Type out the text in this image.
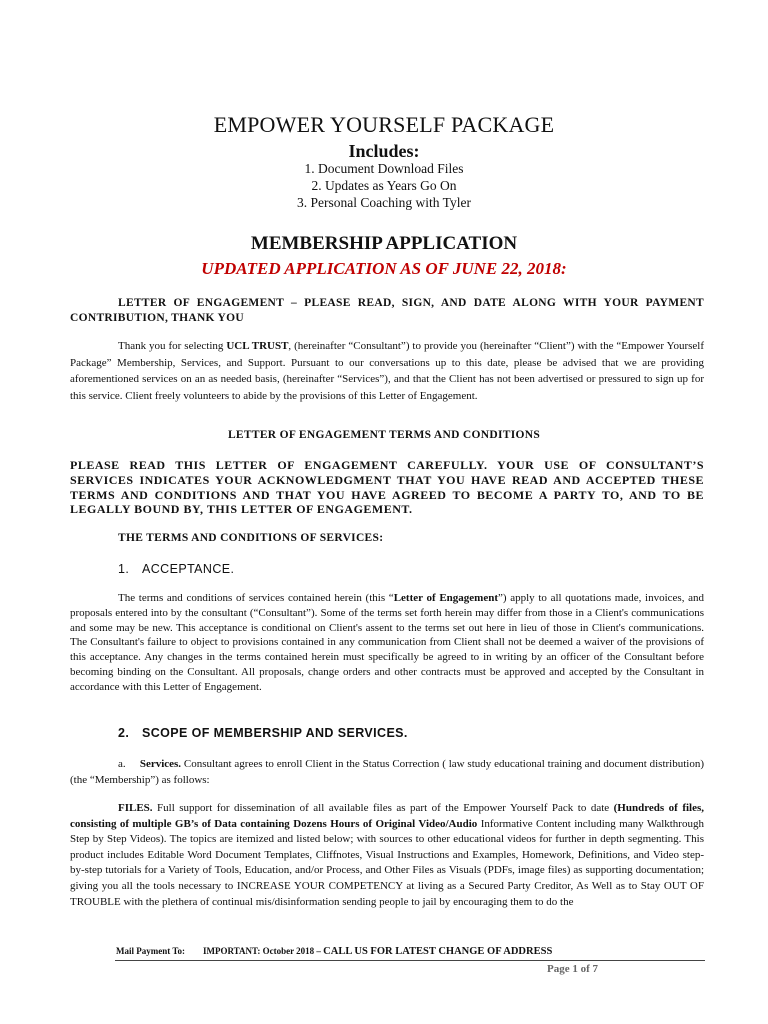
EMPOWER YOURSELF PACKAGE
Includes:
1. Document Download Files
2. Updates as Years Go On
3. Personal Coaching with Tyler
MEMBERSHIP APPLICATION
UPDATED APPLICATION AS OF JUNE 22, 2018:
LETTER OF ENGAGEMENT – PLEASE READ, SIGN, AND DATE ALONG WITH YOUR PAYMENT CONTRIBUTION, THANK YOU
Thank you for selecting UCL TRUST, (hereinafter “Consultant”) to provide you (hereinafter “Client”) with the “Empower Yourself Package” Membership, Services, and Support. Pursuant to our conversations up to this date, please be advised that we are providing aforementioned services on an as needed basis, (hereinafter “Services”), and that the Client has not been advertised or pressured to sign up for this service. Client freely volunteers to abide by the provisions of this Letter of Engagement.
LETTER OF ENGAGEMENT TERMS AND CONDITIONS
PLEASE READ THIS LETTER OF ENGAGEMENT CAREFULLY. YOUR USE OF CONSULTANT’S SERVICES INDICATES YOUR ACKNOWLEDGMENT THAT YOU HAVE READ AND ACCEPTED THESE TERMS AND CONDITIONS AND THAT YOU HAVE AGREED TO BECOME A PARTY TO, AND TO BE LEGALLY BOUND BY, THIS LETTER OF ENGAGEMENT.
THE TERMS AND CONDITIONS OF SERVICES:
1. ACCEPTANCE.
The terms and conditions of services contained herein (this “Letter of Engagement”) apply to all quotations made, invoices, and proposals entered into by the consultant (“Consultant”). Some of the terms set forth herein may differ from those in a Client's communications and some may be new. This acceptance is conditional on Client's assent to the terms set out here in lieu of those in Client's communications. The Consultant's failure to object to provisions contained in any communication from Client shall not be deemed a waiver of the provisions of this acceptance. Any changes in the terms contained herein must specifically be agreed to in writing by an officer of the Consultant before becoming binding on the Consultant. All proposals, change orders and other contracts must be approved and accepted by the Consultant in accordance with this Letter of Engagement.
2. SCOPE OF MEMBERSHIP AND SERVICES.
a. Services. Consultant agrees to enroll Client in the Status Correction ( law study educational training and document distribution) (the “Membership”) as follows:
FILES. Full support for dissemination of all available files as part of the Empower Yourself Pack to date (Hundreds of files, consisting of multiple GB’s of Data containing Dozens Hours of Original Video/Audio Informative Content including many Walkthrough Step by Step Videos). The topics are itemized and listed below; with sources to other educational videos for further in depth segmenting. This product includes Editable Word Document Templates, Cliffnotes, Visual Instructions and Examples, Homework, Definitions, and Video step-by-step tutorials for a Variety of Tools, Education, and/or Process, and Other Files as Visuals (PDFs, image files) as supporting documentation; giving you all the tools necessary to INCREASE YOUR COMPETENCY at living as a Secured Party Creditor, As Well as to Stay OUT OF TROUBLE with the plethera of continual mis/disinformation sending people to jail by encouraging them to do the
Mail Payment To: IMPORTANT: October 2018 – CALL US FOR LATEST CHANGE OF ADDRESS
Page 1 of 7
